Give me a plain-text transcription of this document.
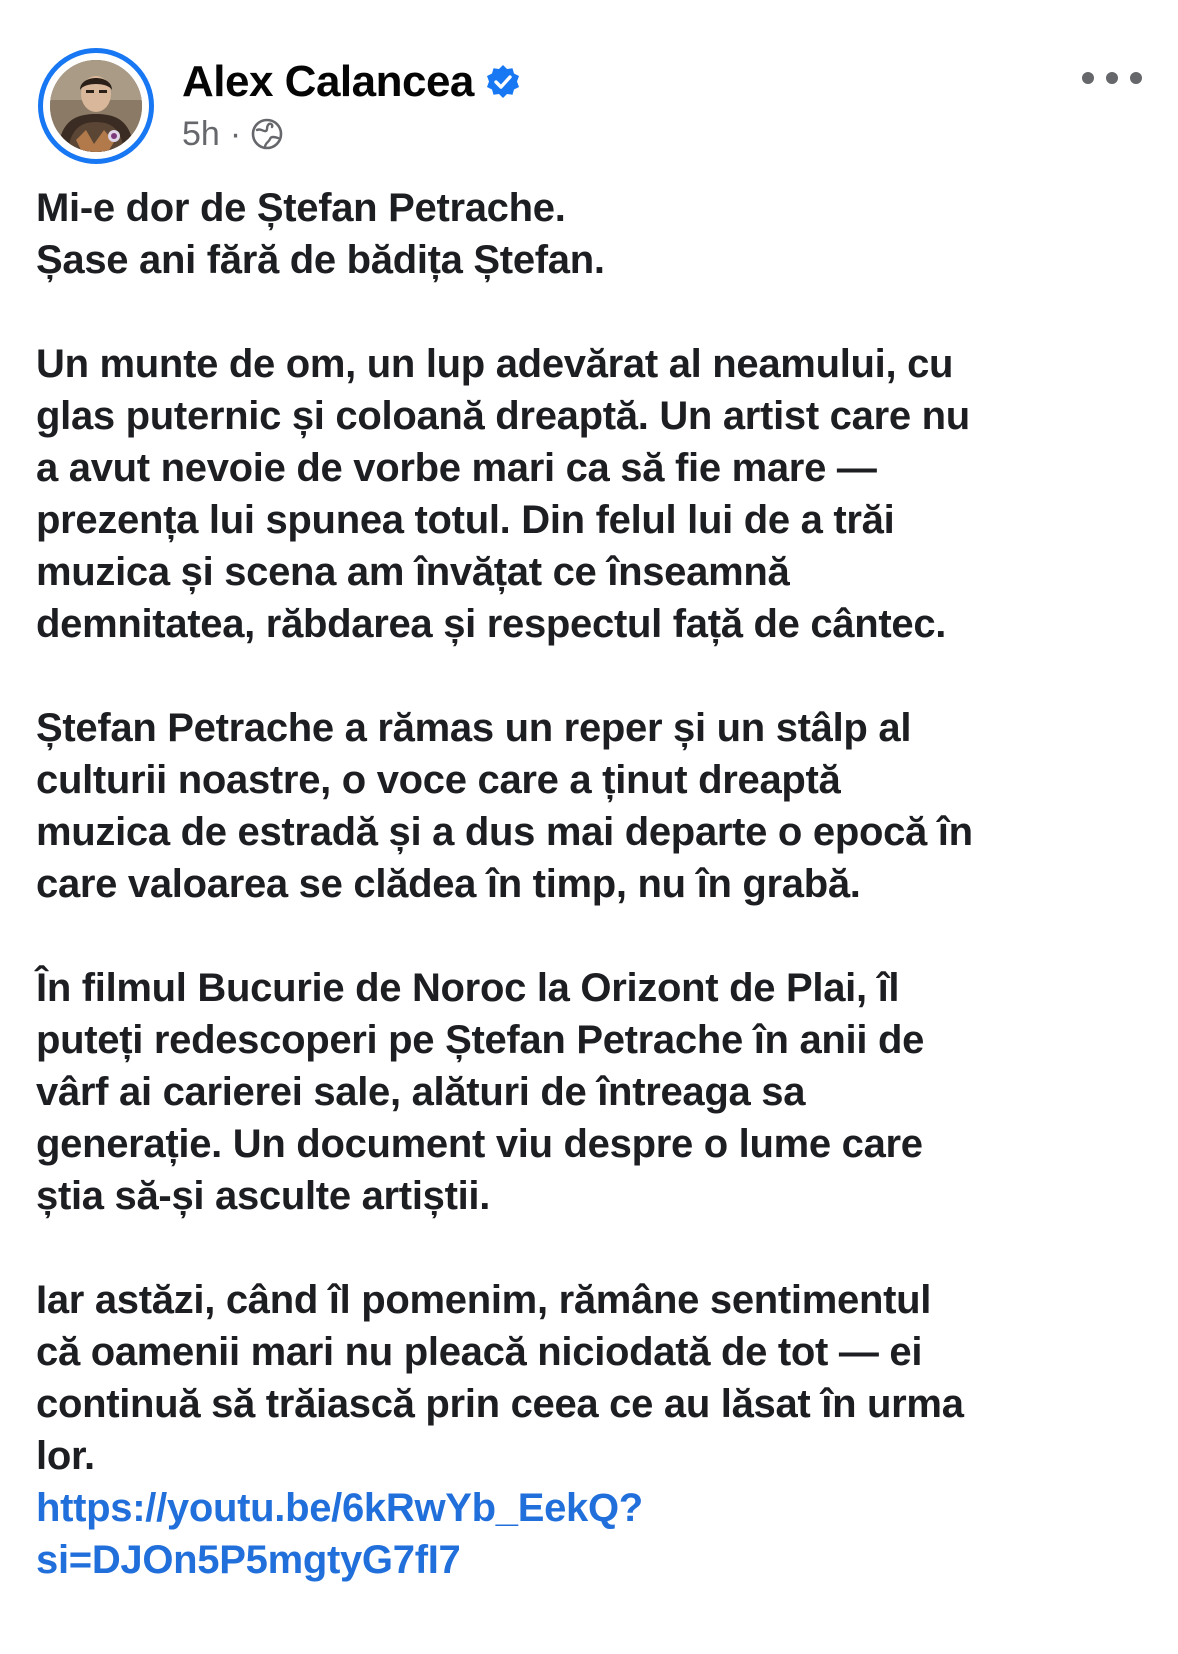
Alex Calancea
5h ·
Mi-e dor de Ștefan Petrache.
Șase ani fără de bădița Ștefan.
Un munte de om, un lup adevărat al neamului, cu
glas puternic și coloană dreaptă. Un artist care nu
a avut nevoie de vorbe mari ca să fie mare —
prezența lui spunea totul. Din felul lui de a trăi
muzica și scena am învățat ce înseamnă
demnitatea, răbdarea și respectul față de cântec.
Ștefan Petrache a rămas un reper și un stâlp al
culturii noastre, o voce care a ținut dreaptă
muzica de estradă și a dus mai departe o epocă în
care valoarea se clădea în timp, nu în grabă.
În filmul Bucurie de Noroc la Orizont de Plai, îl
puteți redescoperi pe Ștefan Petrache în anii de
vârf ai carierei sale, alături de întreaga sa
generație. Un document viu despre o lume care
știa să-și asculte artiștii.
Iar astăzi, când îl pomenim, rămâne sentimentul
că oamenii mari nu pleacă niciodată de tot — ei
continuă să trăiască prin ceea ce au lăsat în urma
lor.
https://youtu.be/6kRwYb_EekQ?
si=DJOn5P5mgtyG7fI7
